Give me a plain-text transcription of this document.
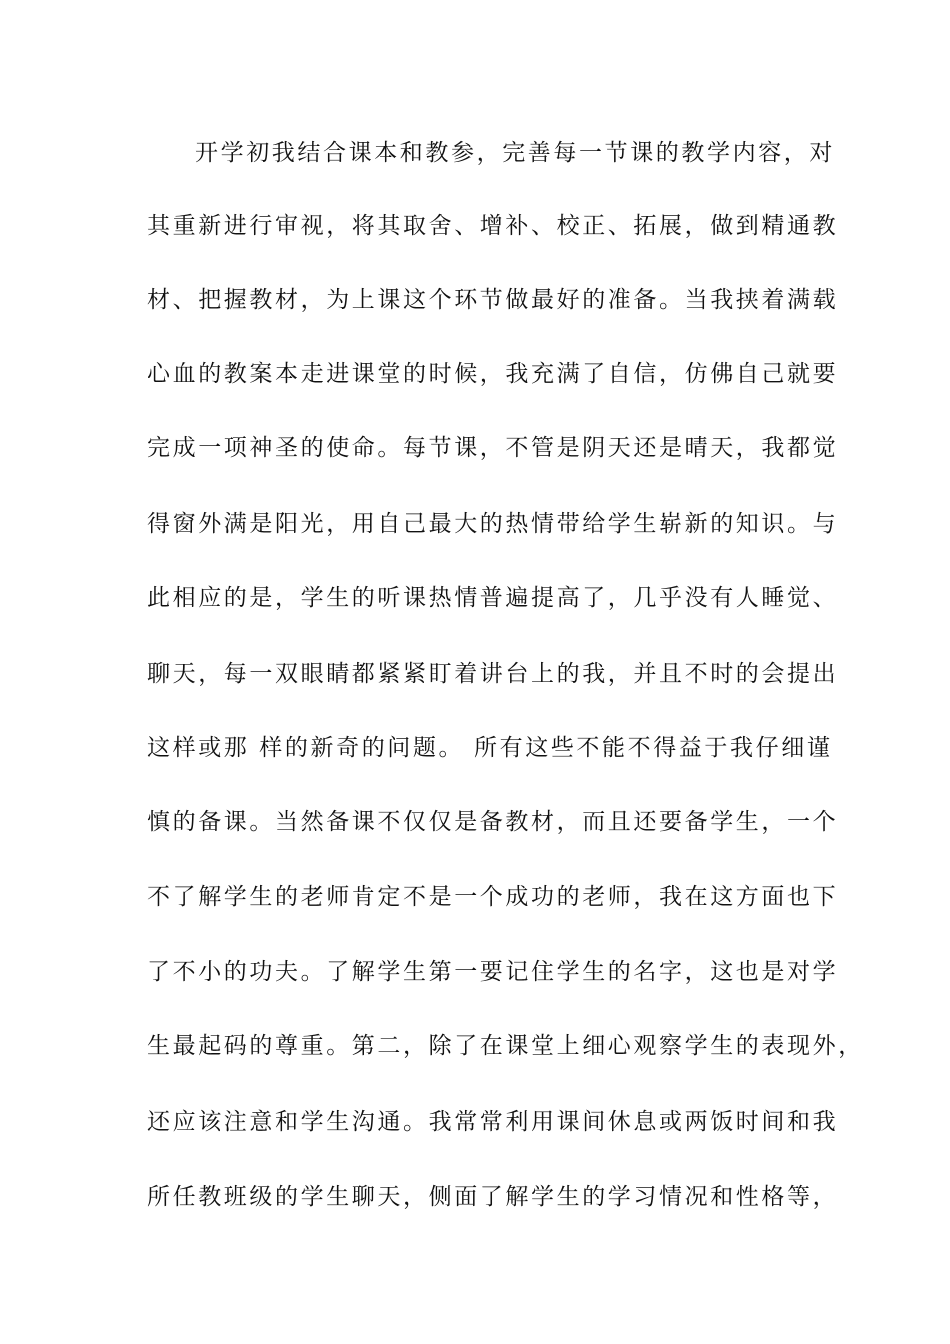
开学初我结合课本和教参，完善每一节课的教学内容，对
其重新进行审视，将其取舍、增补、校正、拓展，做到精通教
材、把握教材，为上课这个环节做最好的准备。当我挟着满载
心血的教案本走进课堂的时候，我充满了自信，仿佛自己就要
完成一项神圣的使命。每节课，不管是阴天还是晴天，我都觉
得窗外满是阳光，用自己最大的热情带给学生崭新的知识。与
此相应的是，学生的听课热情普遍提高了，几乎没有人睡觉、
聊天，每一双眼睛都紧紧盯着讲台上的我，并且不时的会提出
这样或那 样的新奇的问题。 所有这些不能不得益于我仔细谨
慎的备课。当然备课不仅仅是备教材，而且还要备学生，一个
不了解学生的老师肯定不是一个成功的老师，我在这方面也下
了不小的功夫。了解学生第一要记住学生的名字，这也是对学
生最起码的尊重。第二，除了在课堂上细心观察学生的表现外，
还应该注意和学生沟通。我常常利用课间休息或两饭时间和我
所任教班级的学生聊天，侧面了解学生的学习情况和性格等，
